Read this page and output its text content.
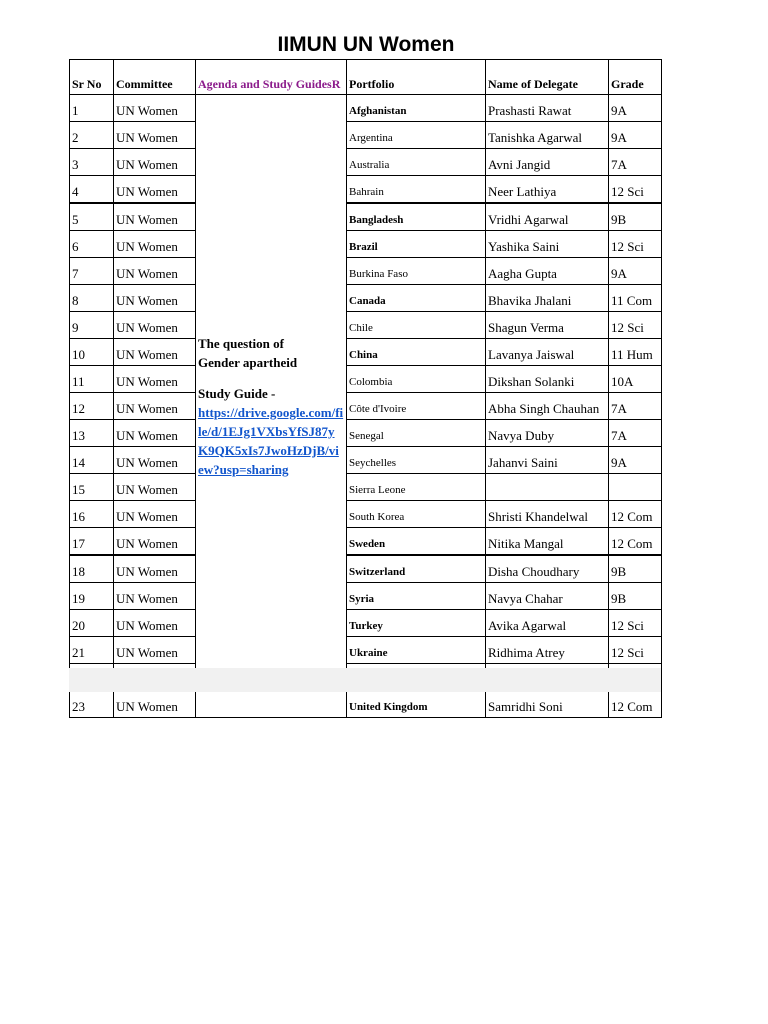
IIMUN UN Women
Sr No	Committee	Agenda and Study GuidesR	Portfolio	Name of Delegate	Grade
1	UN Women	The question of
Gender apartheid
Study Guide -
https://drive.google.com/file/d/1EJg1VXbsYfSJ87yK9QK5xIs7JwoHzDjB/view?usp=sharing	Afghanistan	Prashasti Rawat	9A
2	UN Women		Argentina	Tanishka Agarwal	9A
3	UN Women		Australia	Avni Jangid	7A
4	UN Women		Bahrain	Neer Lathiya	12 Sci
5	UN Women		Bangladesh	Vridhi Agarwal	9B
6	UN Women		Brazil	Yashika Saini	12 Sci
7	UN Women		Burkina Faso	Aagha Gupta	9A
8	UN Women		Canada	Bhavika Jhalani	11 Com
9	UN Women		Chile	Shagun Verma	12 Sci
10	UN Women		China	Lavanya Jaiswal	11 Hum
11	UN Women		Colombia	Dikshan Solanki	10A
12	UN Women		Côte d'Ivoire	Abha Singh Chauhan	7A
13	UN Women		Senegal	Navya Duby	7A
14	UN Women		Seychelles	Jahanvi Saini	9A
15	UN Women		Sierra Leone		
16	UN Women		South Korea	Shristi Khandelwal	12 Com
17	UN Women		Sweden	Nitika Mangal	12 Com
18	UN Women		Switzerland	Disha Choudhary	9B
19	UN Women		Syria	Navya Chahar	9B
20	UN Women		Turkey	Avika Agarwal	12 Sci
21	UN Women		Ukraine	Ridhima Atrey	12 Sci

23	UN Women		United Kingdom	Samridhi Soni	12 Com
